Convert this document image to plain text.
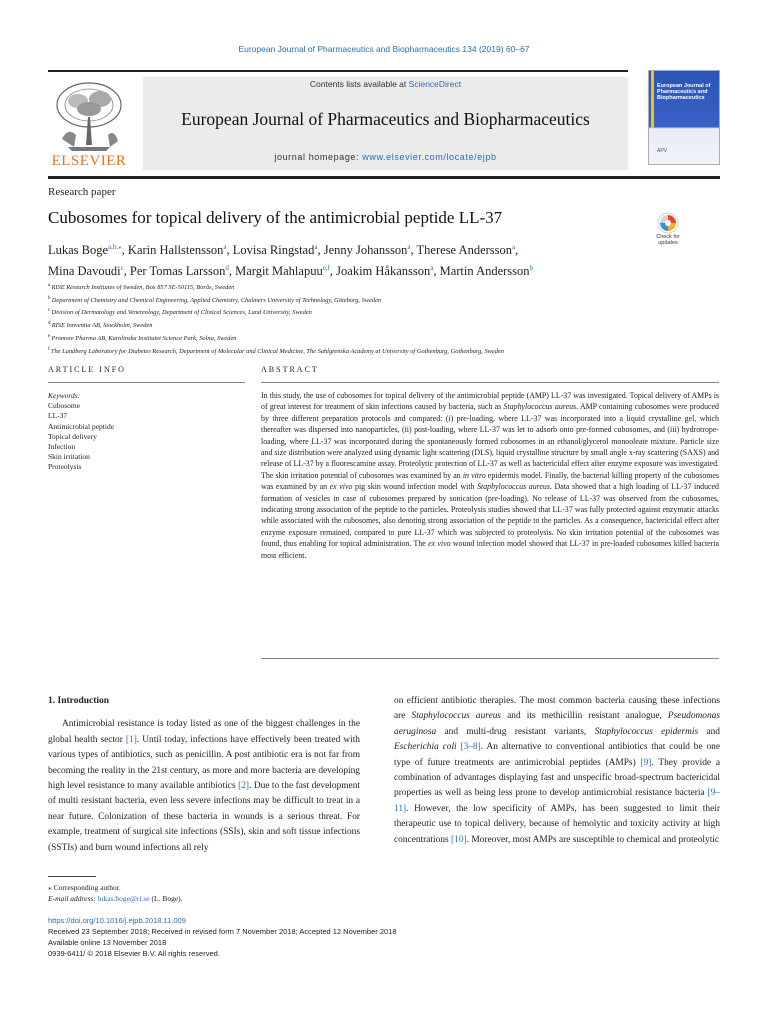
European Journal of Pharmaceutics and Biopharmaceutics 134 (2019) 60–67
ELSEVIER
Contents lists available at ScienceDirect
European Journal of Pharmaceutics and Biopharmaceutics
journal homepage: www.elsevier.com/locate/ejpb
European Journal of Pharmaceutics and Biopharmaceutics
APV
Research paper
Cubosomes for topical delivery of the antimicrobial peptide LL-37
Check for updates
Lukas Boge$^{a,b,⁎}$, Karin Hallstensson$^a$, Lovisa Ringstad$^a$, Jenny Johansson$^a$, Therese Andersson$^a$,
Mina Davoudi$^c$, Per Tomas Larsson$^d$, Margit Mahlapuu$^{e,f}$, Joakim Håkansson$^a$, Martin Andersson$^b$
$^a$ RISE Research Institutes of Sweden, Box 857 SE-50115, Borås, Sweden
$^b$ Department of Chemistry and Chemical Engineering, Applied Chemistry, Chalmers University of Technology, Göteborg, Sweden
$^c$ Division of Dermatology and Venereology, Department of Clinical Sciences, Lund University, Sweden
$^d$ RISE Innventia AB, Stockholm, Sweden
$^e$ Promore Pharma AB, Karolinska Institutet Science Park, Solna, Sweden
$^f$ The Lundberg Laboratory for Diabetes Research, Department of Molecular and Clinical Medicine, The Sahlgrenska Academy at University of Gothenburg, Gothenburg, Sweden
ARTICLE INFO	ABSTRACT
Keywords:
Cubosome
LL-37
Antimicrobial peptide
Topical delivery
Infection
Skin irritation
Proteolysis
In this study, the use of cubosomes for topical delivery of the antimicrobial peptide (AMP) LL-37 was investigated. Topical delivery of AMPs is of great interest for treatment of skin infections caused by bacteria, such as Staphylococcus aureus. AMP containing cubosomes were produced by three different preparation protocols and compared: (i) pre-loading, where LL-37 was incorporated into a liquid crystalline gel, which thereafter was dispersed into nanoparticles, (ii) post-loading, where LL-37 was let to adsorb onto pre-formed cubosomes, and (iii) hydrotrope-loading, where LL-37 was incorporated during the spontaneously formed cubosomes in an ethanol/glycerol monooleate mixture. Particle size and size distribution were analyzed using dynamic light scattering (DLS), liquid crystalline structure by small angle x-ray scattering (SAXS) and release of LL-37 by a fluorescamine assay. Proteolytic protection of LL-37 as well as bactericidal effect after enzyme exposure was investigated. The skin irritation potential of cubosomes was examined by an in vitro epidermis model. Finally, the bacterial killing property of the cubosomes was examined by an ex vivo pig skin wound infection model with Staphylococcus aureus. Data showed that a high loading of LL-37 induced formation of vesicles in case of cubosomes prepared by sonication (pre-loading). No release of LL-37 was observed from the cubosomes, indicating strong association of the peptide to the particles. Proteolysis studies showed that LL-37 was fully protected against enzymatic attacks while associated with the cubosomes, also denoting strong association of the peptide to the particles. As a consequence, bactericidal effect after enzyme exposure remained, compared to pure LL-37 which was subjected to proteolysis. No skin irritation potential of the cubosomes was found, thus enabling for topical administration. The ex vivo wound infection model showed that LL-37 in pre-loaded cubosomes killed bacteria most efficient.
1. Introduction

Antimicrobial resistance is today listed as one of the biggest challenges in the global health sector [1]. Until today, infections have effectively been treated with various types of antibiotics, such as penicillin. A post antibiotic era is not far from becoming the reality in the 21st century, as more and more bacteria are developing high level resistance to many available antibiotics [2]. Due to the fast development of multi resistant bacteria, even less severe infections may be difficult to treat in a near future. Colonization of these bacteria in wounds is a serious threat. For example, treatment of surgical site infections (SSIs), skin and soft tissue infections (SSTIs) and burn wound infections all rely

on efficient antibiotic therapies. The most common bacteria causing these infections are Staphylococcus aureus and its methicillin resistant analogue, Pseudomonas aeruginosa and multi-drug resistant variants, Staphylococcus epidermis and Escherichia coli [3–8]. An alternative to conventional antibiotics that could be one type of future treatments are antimicrobial peptides (AMPs) [9]. They provide a combination of advantages displaying fast and unspecific broad-spectrum bactericidal properties as well as being less prone to develop antimicrobial resistance bacteria [9–11]. However, the low specificity of AMPs, has been suggested to limit their therapeutic use to topical delivery, because of hemolytic and toxicity activity at high concentrations [10]. Moreover, most AMPs are susceptible to chemical and proteolytic

⁎ Corresponding author.
E-mail address: lukas.boge@ri.se (L. Boge).
https://doi.org/10.1016/j.ejpb.2018.11.009
Received 23 September 2018; Received in revised form 7 November 2018; Accepted 12 November 2018
Available online 13 November 2018
0939-6411/ © 2018 Elsevier B.V. All rights reserved.
